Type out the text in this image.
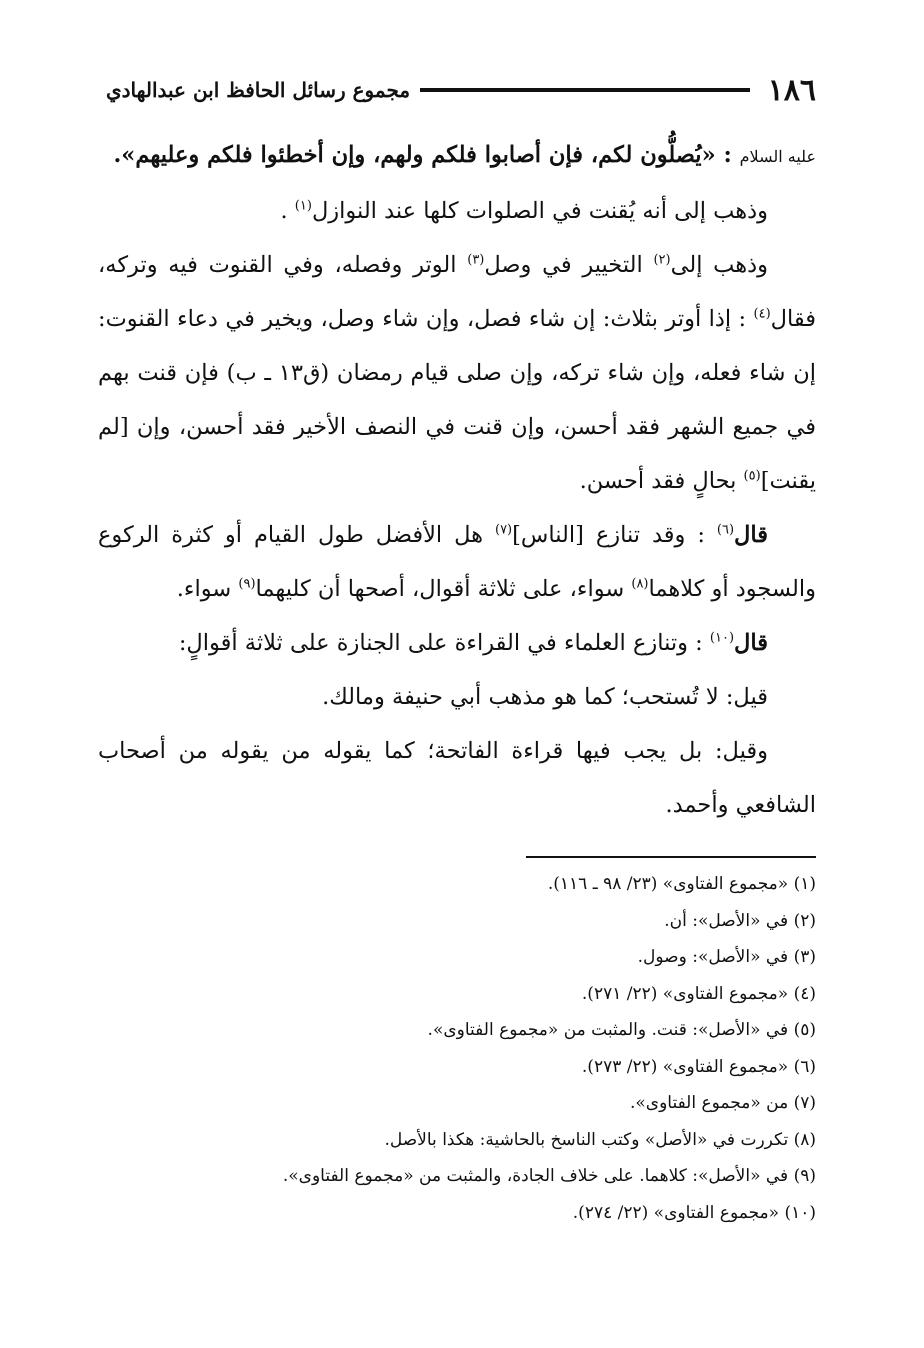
١٨٦
مجموع رسائل الحافظ ابن عبدالهادي

عليه السلام : «يُصلُّون لكم، فإن أصابوا فلكم ولهم، وإن أخطئوا فلكم وعليهم».

وذهب إلى أنه يُقنت في الصلوات كلها عند النوازل$^{(١)}$ .

وذهب إلى$^{(٢)}$ التخيير في وصل$^{(٣)}$ الوتر وفصله، وفي القنوت فيه وتركه، فقال$^{(٤)}$ : إذا أوتر بثلاث: إن شاء فصل، وإن شاء وصل، ويخير في دعاء القنوت: إن شاء فعله، وإن شاء تركه، وإن صلى قيام رمضان (ق١٣ ـ ب) فإن قنت بهم في جميع الشهر فقد أحسن، وإن قنت في النصف الأخير فقد أحسن، وإن [لم يقنت]$^{(٥)}$ بحالٍ فقد أحسن.

قال$^{(٦)}$ : وقد تنازع [الناس]$^{(٧)}$ هل الأفضل طول القيام أو كثرة الركوع والسجود أو كلاهما$^{(٨)}$ سواء، على ثلاثة أقوال، أصحها أن كليهما$^{(٩)}$ سواء.

قال$^{(١٠)}$ : وتنازع العلماء في القراءة على الجنازة على ثلاثة أقوالٍ:

قيل: لا تُستحب؛ كما هو مذهب أبي حنيفة ومالك.

وقيل: بل يجب فيها قراءة الفاتحة؛ كما يقوله من يقوله من أصحاب الشافعي وأحمد.

(١) «مجموع الفتاوى» (٢٣/ ٩٨ ـ ١١٦).

(٢) في «الأصل»: أن.

(٣) في «الأصل»: وصول.

(٤) «مجموع الفتاوى» (٢٢/ ٢٧١).

(٥) في «الأصل»: قنت. والمثبت من «مجموع الفتاوى».

(٦) «مجموع الفتاوى» (٢٢/ ٢٧٣).

(٧) من «مجموع الفتاوى».

(٨) تكررت في «الأصل» وكتب الناسخ بالحاشية: هكذا بالأصل.

(٩) في «الأصل»: كلاهما. على خلاف الجادة، والمثبت من «مجموع الفتاوى».

(١٠) «مجموع الفتاوى» (٢٢/ ٢٧٤).
